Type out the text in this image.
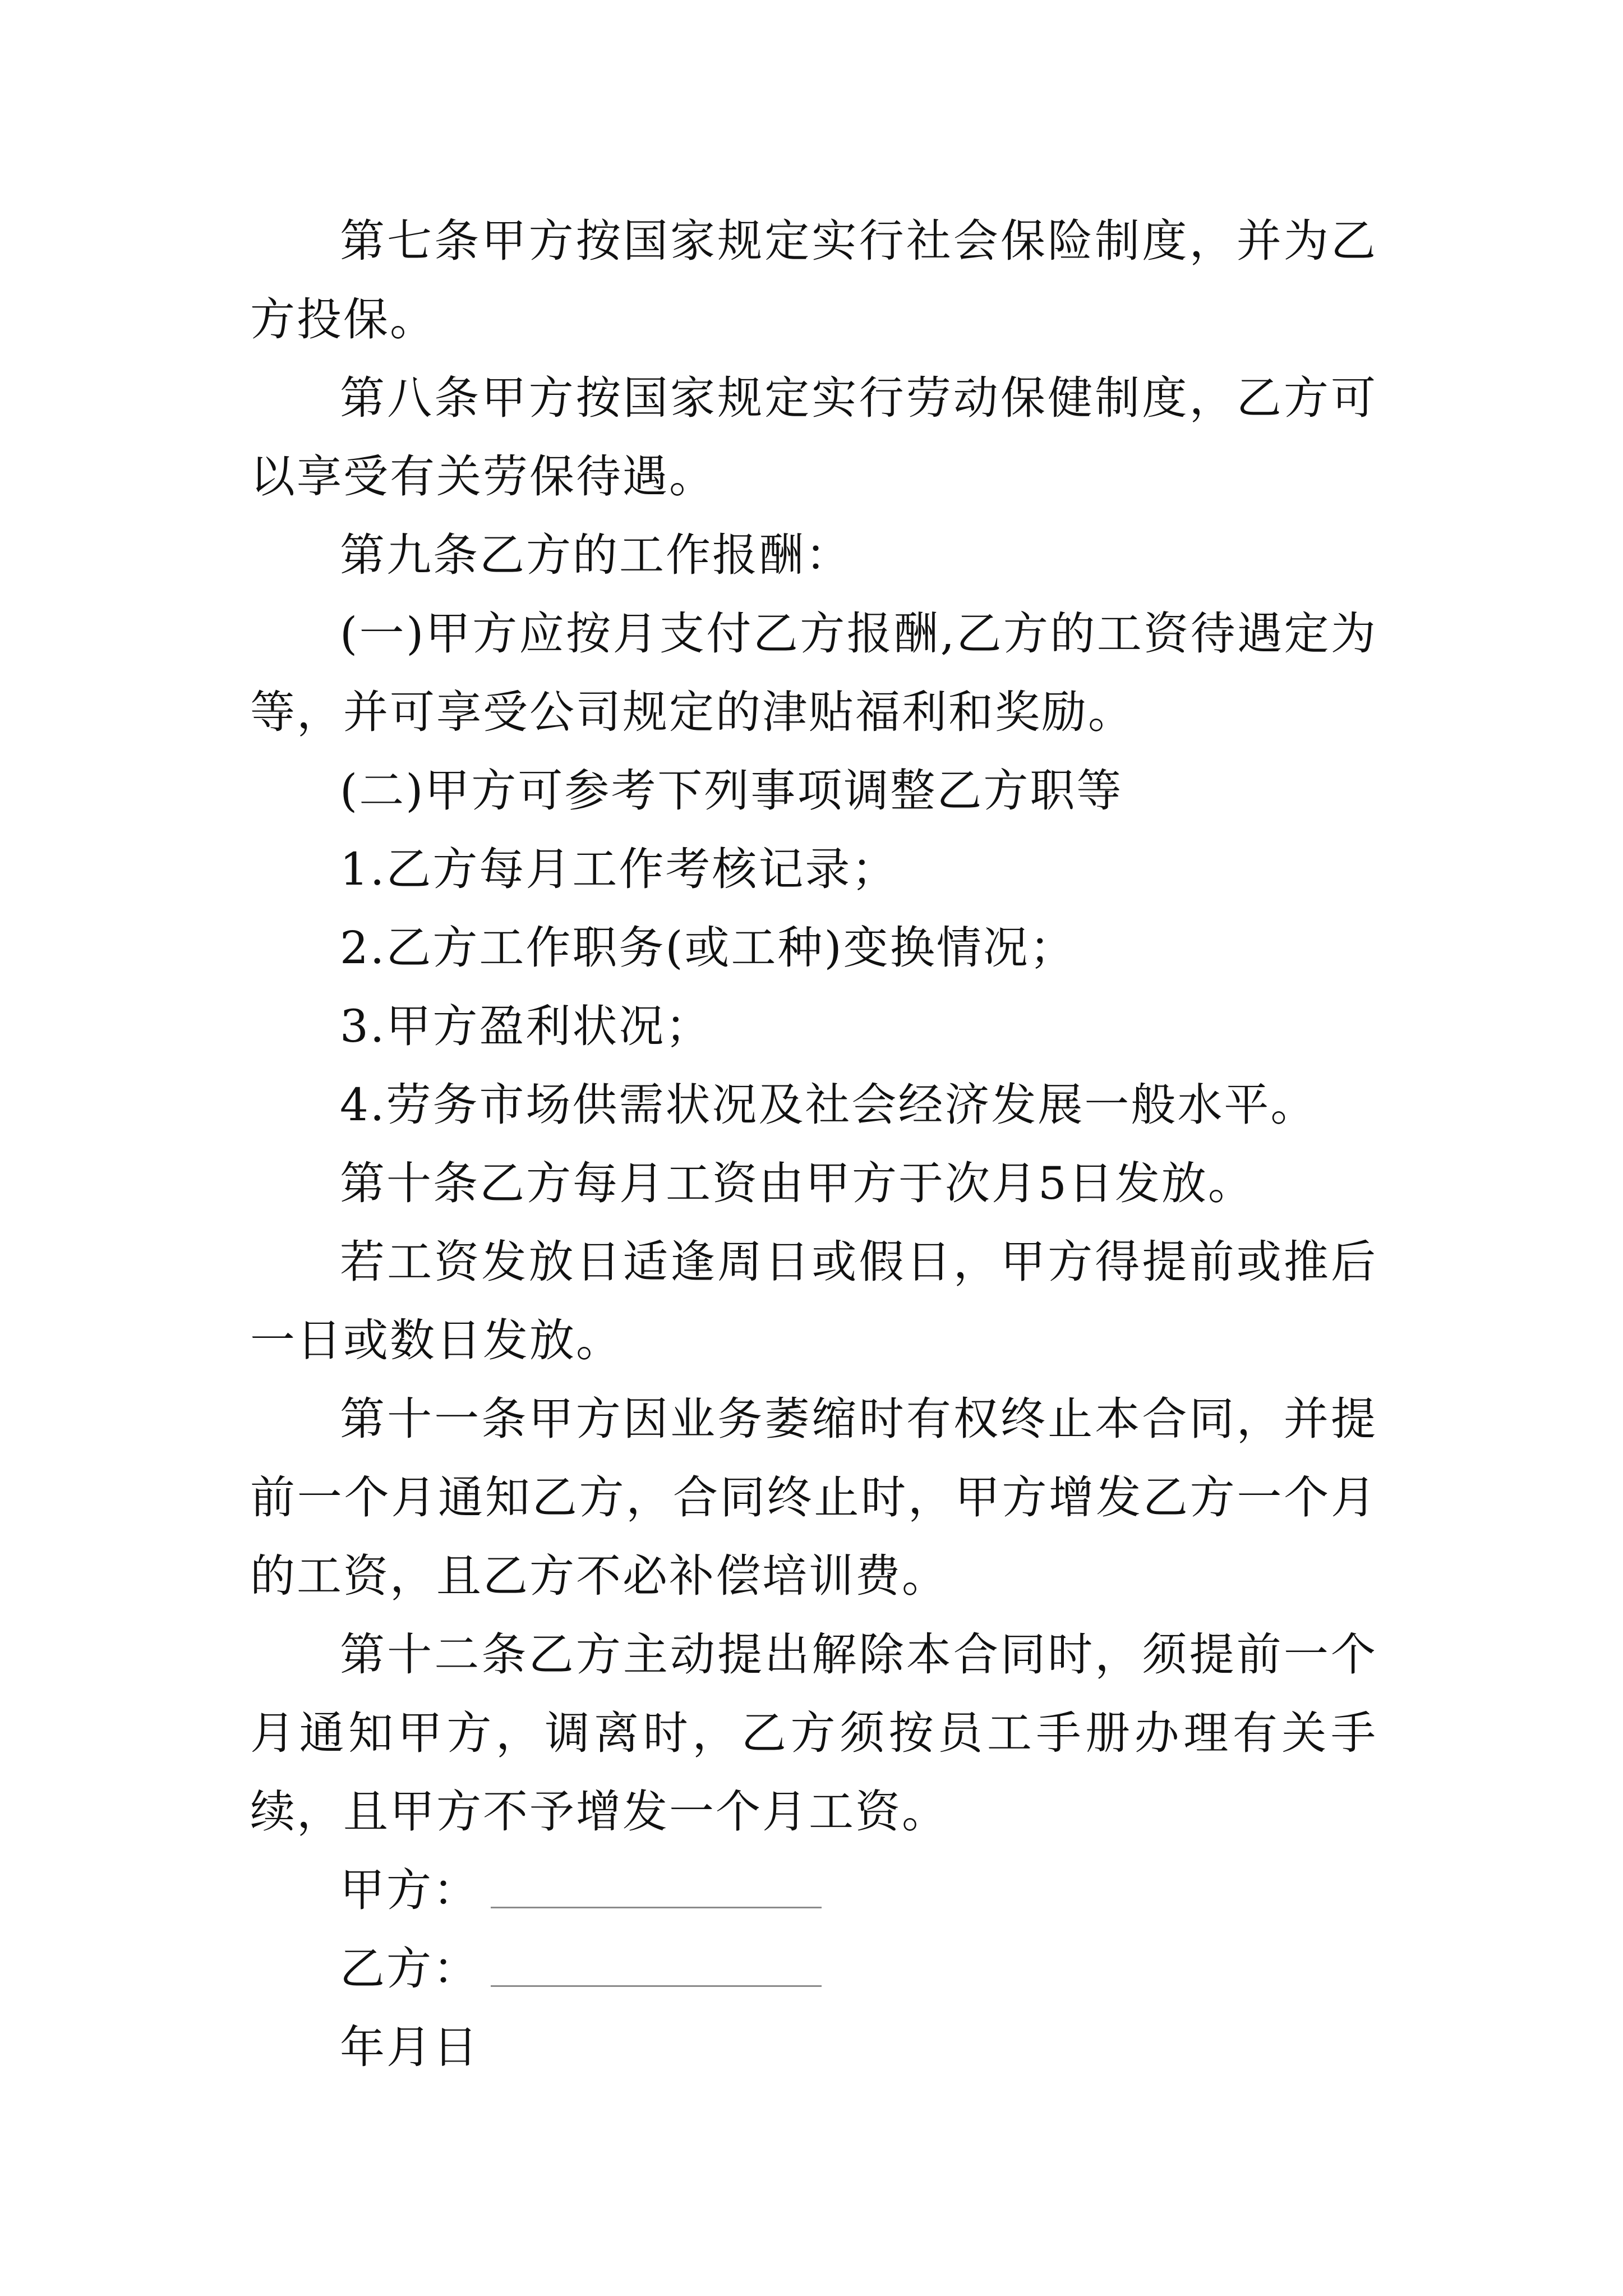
第七条甲方按国家规定实行社会保险制度，并为乙方投保。

第八条甲方按国家规定实行劳动保健制度，乙方可以享受有关劳保待遇。

第九条乙方的工作报酬：

(一)甲方应按月支付乙方报酬,乙方的工资待遇定为等，并可享受公司规定的津贴福利和奖励。

(二)甲方可参考下列事项调整乙方职等

1.乙方每月工作考核记录；

2.乙方工作职务(或工种)变换情况；

3.甲方盈利状况；

4.劳务市场供需状况及社会经济发展一般水平。

第十条乙方每月工资由甲方于次月5日发放。

若工资发放日适逢周日或假日，甲方得提前或推后一日或数日发放。

第十一条甲方因业务萎缩时有权终止本合同，并提前一个月通知乙方，合同终止时，甲方增发乙方一个月的工资，且乙方不必补偿培训费。

第十二条乙方主动提出解除本合同时，须提前一个月通知甲方，调离时，乙方须按员工手册办理有关手续，且甲方不予增发一个月工资。

甲方：
乙方：
年月日
